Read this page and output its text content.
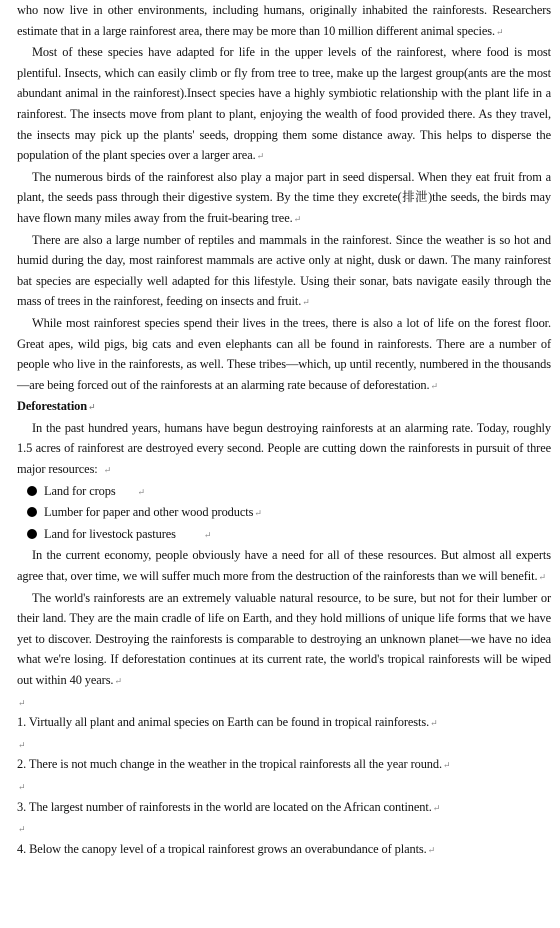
who now live in other environments, including humans, originally inhabited the rainforests. Researchers estimate that in a large rainforest area, there may be more than 10 million different animal species.↵

Most of these species have adapted for life in the upper levels of the rainforest, where food is most plentiful. Insects, which can easily climb or fly from tree to tree, make up the largest group(ants are the most abundant animal in the rainforest).Insect species have a highly symbiotic relationship with the plant life in a rainforest. The insects move from plant to plant, enjoying the wealth of food provided there. As they travel, the insects may pick up the plants' seeds, dropping them some distance away. This helps to disperse the population of the plant species over a larger area.↵

The numerous birds of the rainforest also play a major part in seed dispersal. When they eat fruit from a plant, the seeds pass through their digestive system. By the time they excrete(排泄)the seeds, the birds may have flown many miles away from the fruit-bearing tree.↵

There are also a large number of reptiles and mammals in the rainforest. Since the weather is so hot and humid during the day, most rainforest mammals are active only at night, dusk or dawn. The many rainforest bat species are especially well adapted for this lifestyle. Using their sonar, bats navigate easily through the mass of trees in the rainforest, feeding on insects and fruit.↵

While most rainforest species spend their lives in the trees, there is also a lot of life on the forest floor. Great apes, wild pigs, big cats and even elephants can all be found in rainforests. There are a number of people who live in the rainforests, as well. These tribes—which, up until recently, numbered in the thousands—are being forced out of the rainforests at an alarming rate because of deforestation.↵

Deforestation↵

In the past hundred years, humans have begun destroying rainforests at an alarming rate. Today, roughly 1.5 acres of rainforest are destroyed every second. People are cutting down the rainforests in pursuit of three major resources: ↵

Land for crops ↵
Lumber for paper and other wood products↵
Land for livestock pastures	↵

In the current economy, people obviously have a need for all of these resources. But almost all experts agree that, over time, we will suffer much more from the destruction of the rainforests than we will benefit.↵

The world's rainforests are an extremely valuable natural resource, to be sure, but not for their lumber or their land. They are the main cradle of life on Earth, and they hold millions of unique life forms that we have yet to discover. Destroying the rainforests is comparable to destroying an unknown planet—we have no idea what we're losing. If deforestation continues at its current rate, the world's tropical rainforests will be wiped out within 40 years.↵

↵

1. Virtually all plant and animal species on Earth can be found in tropical rainforests.↵

↵

2. There is not much change in the weather in the tropical rainforests all the year round.↵

↵

3. The largest number of rainforests in the world are located on the African continent.↵

↵

4. Below the canopy level of a tropical rainforest grows an overabundance of plants.↵
